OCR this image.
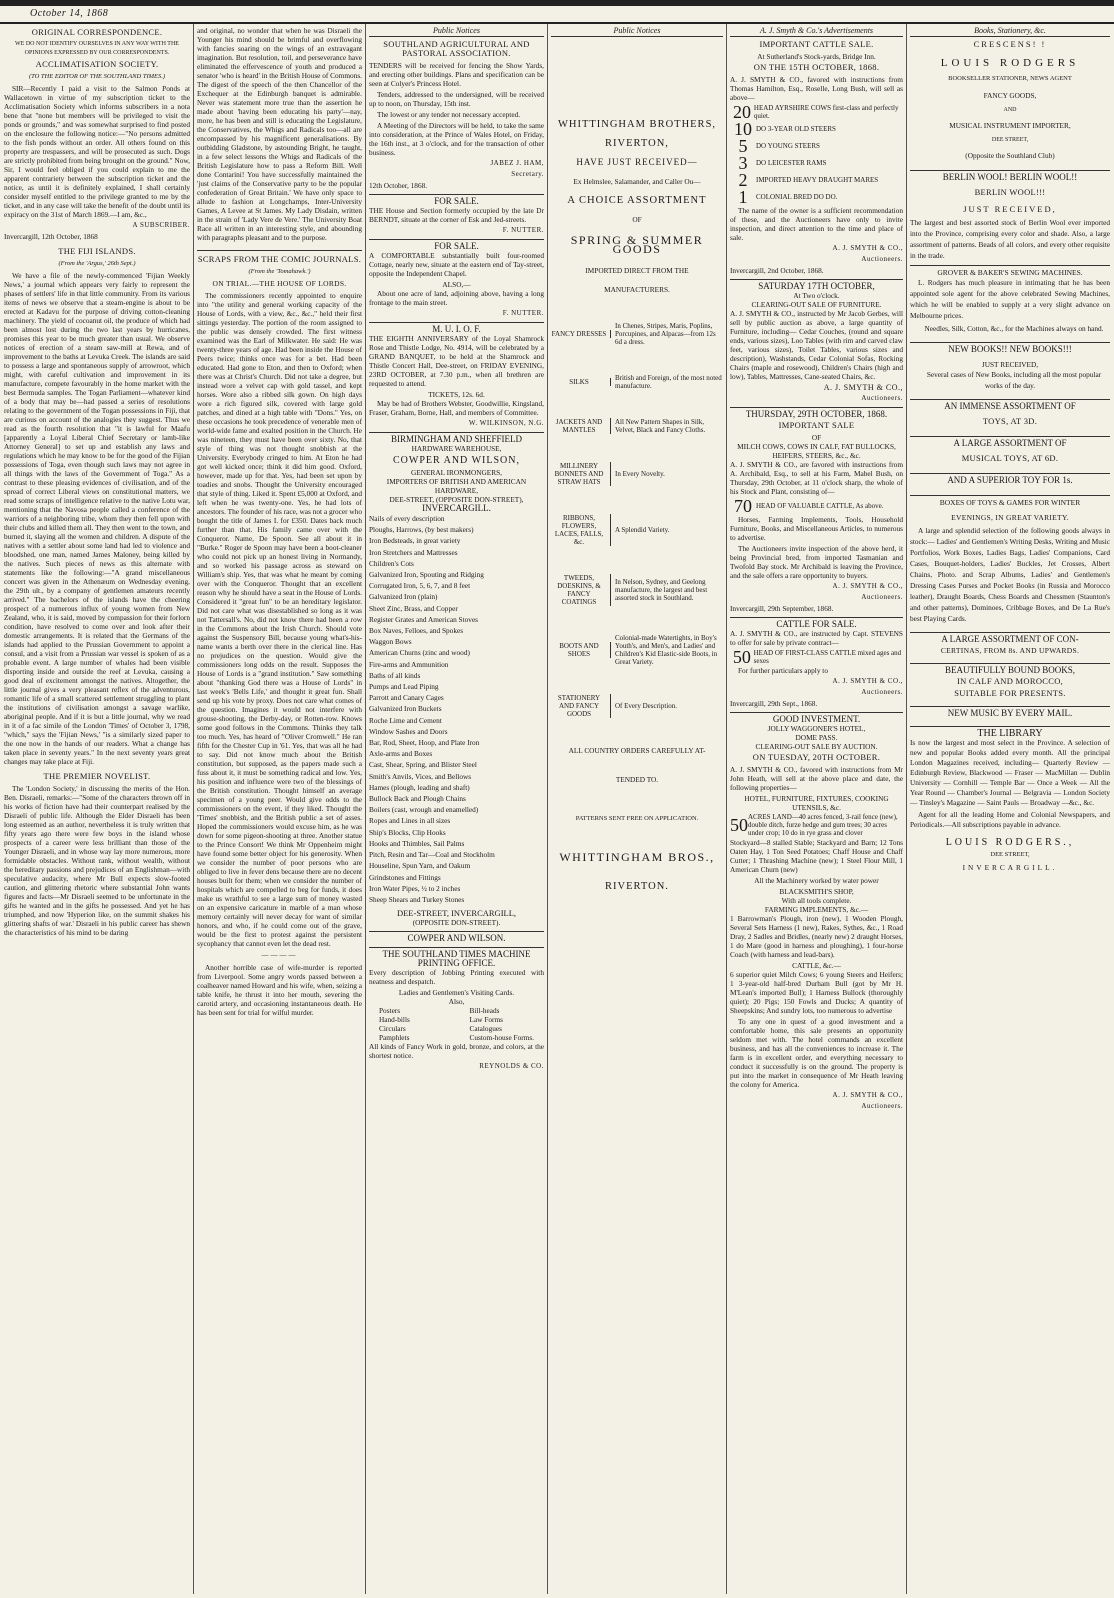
October 14, 1868
ORIGINAL CORRESPONDENCE.

WE DO NOT IDENTIFY OURSELVES IN ANY WAY WITH THE OPINIONS EXPRESSED BY OUR CORRESPONDENTS.

ACCLIMATISATION SOCIETY.
(TO THE EDITOR OF THE SOUTHLAND TIMES.)

SIR—Recently I paid a visit to the Salmon Ponds at Wallacetown in virtue of my subscription ticket to the Acclimatisation Society which informs subscribers in a nota bene that "none but members will be privileged to visit the ponds or grounds," and was somewhat surprised to find posted on the enclosure the following notice:—"No persons admitted to the fish ponds without an order. All others found on this property are trespassers, and will be prosecuted as such. Dogs are strictly prohibited from being brought on the ground." Now, Sir, I would feel obliged if you could explain to me the apparent contrariety between the subscription ticket and the notice, as until it is definitely explained, I shall certainly consider myself entitled to the privilege granted to me by the ticket, and in any case will take the benefit of the doubt until its expiracy on the 31st of March 1869.—I am, &c.,

A SUBSCRIBER.

Invercargill, 12th October, 1868

THE FIJI ISLANDS.
(From the 'Argus,' 26th Sept.)

We have a file of the newly-commenced 'Fijian Weekly News,' a journal which appears very fairly to represent the phases of settlers' life in that little community. From its various items of news we observe that a steam-engine is about to be erected at Kadavu for the purpose of driving cotton-cleaning machinery. The yield of cocoanut oil, the produce of which had been almost lost during the two last years by hurricanes, promises this year to be much greater than usual. We observe notices of erection of a steam saw-mill at Rewa, and of improvement to the baths at Levuka Creek. The islands are said to possess a large and spontaneous supply of arrowroot, which might, with careful cultivation and improvement in its manufacture, compete favourably in the home market with the best Bermuda samples. The Togan Parliament—whatever kind of a body that may be—had passed a series of resolutions relating to the government of the Togan possessions in Fiji, that are curious on account of the analogies they suggest. Thus we read as the fourth resolution that "it is lawful for Maafu [apparently a Loyal Liberal Chief Secretary or lamb-like Attorney General] to set up and establish any laws and regulations which he may know to be for the good of the Fijian possessions of Toga, even though such laws may not agree in all things with the laws of the Government of Toga." As a contrast to these pleasing evidences of civilisation, and of the spread of correct Liberal views on constitutional matters, we read some scraps of intelligence relative to the native Lotu war, mentioning that the Navosa people called a conference of the warriors of a neighboring tribe, whom they then fell upon with their clubs and killed them all. They then went to the town, and burned it, slaying all the women and children. A dispute of the natives with a settler about some land had led to violence and bloodshed, one man, named James Maloney, being killed by the natives. Such pieces of news as this alternate with statements like the following:—"A grand miscellaneous concert was given in the Athenæum on Wednesday evening, the 29th ult., by a company of gentlemen amateurs recently arrived." The bachelors of the islands have the cheering prospect of a numerous influx of young women from New Zealand, who, it is said, moved by compassion for their forlorn condition, have resolved to come over and look after their domestic arrangements. It is related that the Germans of the islands had applied to the Prussian Government to appoint a consul, and a visit from a Prussian war vessel is spoken of as a probable event. A large number of whales had been visible disporting inside and outside the reef at Levuka, causing a good deal of excitement amongst the natives. Altogether, the little journal gives a very pleasant reflex of the adventurous, romantic life of a small scattered settlement struggling to plant the institutions of civilisation amongst a savage warlike, aboriginal people. And if it is but a little journal, why we read in it of a fac simile of the London 'Times' of October 3, 1798, "which," says the 'Fijian News,' "is a similarly sized paper to the one now in the hands of our readers. What a change has taken place in seventy years." In the next seventy years great changes may take place at Fiji.

THE PREMIER NOVELIST.

The 'London Society,' in discussing the merits of the Hon. Ben. Disraeli, remarks:—"Some of the characters thrown off in his works of fiction have had their counterpart realised by the Disraeli of public life. Although the Elder Disraeli has been long esteemed as an author, nevertheless it is truly written that fifty years ago there were few boys in the island whose prospects of a career were less brilliant than those of the Younger Disraeli, and in whose way lay more numerous, more formidable obstacles. Without rank, without wealth, without the hereditary passions and prejudices of an Englishman—with speculative audacity, where Mr Bull expects slow-footed caution, and glittering rhetoric where substantial John wants figures and facts—Mr Disraeli seemed to be unfortunate in the gifts he wanted and in the gifts he possessed. And yet he has triumphed, and now 'Hyperion like, on the summit shakes his glittering shafts of war.' Disraeli in his public career has shewn the characteristics of his mind to be daring

and original, no wonder that when he was Disraeli the Younger his mind should be brimful and overflowing with fancies soaring on the wings of an extravagant imagination. But resolution, toil, and perseverance have eliminated the effervescence of youth and produced a senator 'who is heard' in the British House of Commons. The digest of the speech of the then Chancellor of the Exchequer at the Edinburgh banquet is admirable. Never was statement more true than the assertion he made about 'having been educating his party'—nay, more, he has been and still is educating the Legislature, the Conservatives, the Whigs and Radicals too—all are encompassed by his magnificent generalisations. By outbidding Gladstone, by astounding Bright, he taught, in a few select lessons the Whigs and Radicals of the British Legislature how to pass a Reform Bill. Well done Contarini! You have successfully maintained the 'just claims of the Conservative party to be the popular confederation of Great Britain.' We have only space to allude to fashion at Longchamps, Inter-University Games, A Levee at St James. My Lady Disdain, written in the strain of 'Lady Vere de Vere.' The University Boat Race all written in an interesting style, and abounding with paragraphs pleasant and to the purpose.

SCRAPS FROM THE COMIC JOURNALS.
(From the 'Tomahawk.')
ON TRIAL.—THE HOUSE OF LORDS.

The commissioners recently appointed to enquire into "the utility and general working capacity of the House of Lords, with a view, &c., &c.," held their first sittings yesterday. The portion of the room assigned to the public was densely crowded. The first witness examined was the Earl of Milkwater. He said: He was twenty-three years of age. Had been inside the House of Peers twice; thinks once was for a bet. Had been educated. Had gone to Eton, and then to Oxford; when there was at Christ's Church. Did not take a degree, but instead wore a velvet cap with gold tassel, and kept horses. Wore also a ribbed silk gown. On high days wore a rich figured silk, covered with large gold patches, and dined at a high table with "Dons." Yes, on these occasions he took precedence of venerable men of world-wide fame and exalted position in the Church. He was nineteen, they must have been over sixty. No, that style of thing was not thought snobbish at the University. Everybody cringed to him. At Eton he had got well kicked once; think it did him good. Oxford, however, made up for that. Yes, had been set upon by toadies and snobs. Thought the University encouraged that style of thing. Liked it. Spent £5,000 at Oxford, and left when he was twenty-one. Yes, he had lots of ancestors. The founder of his race, was not a grocer who bought the title of James I. for £350. Dates back much further than that. His family came over with the Conqueror. Name, De Spoon. See all about it in "Burke." Roger de Spoon may have been a boot-cleaner who could not pick up an honest living in Normandy, and so worked his passage across as steward on William's ship. Yes, that was what he meant by coming over with the Conqueror. Thought that an excellent reason why he should have a seat in the House of Lords. Considered it "great fun" to be an hereditary legislator. Did not care what was disestablished so long as it was not Tattersall's. No, did not know there had been a row in the Commons about the Irish Church. Should vote against the Suspensory Bill, because young what's-his-name wants a berth over there in the clerical line. Has no prejudices on the question. Would give the commissioners long odds on the result. Supposes the House of Lords is a "grand institution." Saw something about "thanking God there was a House of Lords" in last week's 'Bells Life,' and thought it great fun. Shall send up his vote by proxy. Does not care what comes of the question. Imagines it would not interfere with grouse-shooting, the Derby-day, or Rotten-row. Knows some good follows in the Commons. Thinks they talk too much. Yes, has heard of "Oliver Cromwell." He ran fifth for the Chester Cup in '61. Yes, that was all he had to say. Did not know much about the British constitution, but supposed, as the papers made such a fuss about it, it must be something radical and low. Yes, his position and influence were two of the blessings of the British constitution. Thought himself an average specimen of a young peer. Would give odds to the commissioners on the event, if they liked. Thought the 'Times' snobbish, and the British public a set of asses. Hoped the commissioners would excuse him, as he was down for some pigeon-shooting at three. Another statue to the Prince Consort! We think Mr Oppenheim might have found some better object for his generosity. When we consider the number of poor persons who are obliged to live in fever dens because there are no decent houses built for them; when we consider the number of hospitals which are compelled to beg for funds, it does make us wrathful to see a large sum of money wasted on an expensive caricature in marble of a man whose memory certainly will never decay for want of similar honors, and who, if he could come out of the grave, would be the first to protest against the persistent sycophancy that cannot even let the dead rest.

————

Another horrible case of wife-murder is reported from Liverpool. Some angry words passed between a coalheaver named Howard and his wife, when, seizing a table knife, he thrust it into her mouth, severing the carotid artery, and occasioning instantaneous death. He has been sent for trial for wilful murder.

Public Notices
SOUTHLAND AGRICULTURAL AND PASTORAL ASSOCIATION.

TENDERS will be received for fencing the Show Yards, and erecting other buildings. Plans and specification can be seen at Colyer's Princess Hotel.

Tenders, addressed to the undersigned, will be received up to noon, on Thursday, 15th inst.

The lowest or any tender not necessary accepted.

A Meeting of the Directors will be held, to take the same into consideration, at the Prince of Wales Hotel, on Friday, the 16th inst., at 3 o'clock, and for the transaction of other business.

JABEZ J. HAM,
Secretary.

12th October, 1868.

FOR SALE.

THE House and Section formerly occupied by the late Dr BERNDT, situate at the corner of Esk and Jed-streets.

F. NUTTER.
FOR SALE.

A COMFORTABLE substantially built four-roomed Cottage, nearly new, situate at the eastern end of Tay-street, opposite the Independent Chapel.

ALSO,—

About one acre of land, adjoining above, having a long frontage to the main street.

F. NUTTER.
M. U. I. O. F.

THE EIGHTH ANNIVERSARY of the Loyal Shamrock Rose and Thistle Lodge, No. 4914, will be celebrated by a GRAND BANQUET, to be held at the Shamrock and Thistle Concert Hall, Dee-street, on FRIDAY EVENING, 23RD OCTOBER, at 7.30 p.m., when all brethren are requested to attend.

TICKETS, 12s. 6d.

May be had of Brothers Webster, Goodwillie, Kingsland, Fraser, Graham, Borne, Hall, and members of Committee.

W. WILKINSON, N.G.
BIRMINGHAM AND SHEFFIELD
HARDWARE WAREHOUSE,
COWPER AND WILSON,
GENERAL IRONMONGERS,
IMPORTERS OF BRITISH AND AMERICAN
HARDWARE,
DEE-STREET, (OPPOSITE DON-STREET),
INVERCARGILL.
Nails of every description
Ploughs, Harrows, (by best makers)
Iron Bedsteads, in great variety
Iron Stretchers and Mattresses
Children's Cots
Galvanized Iron, Spouting and Ridging
Corrugated Iron, 5, 6, 7, and 8 feet
Galvanized Iron (plain)
Sheet Zinc, Brass, and Copper
Register Grates and American Stoves
Box Naves, Felloes, and Spokes
Waggon Bows
American Churns (zinc and wood)
Fire-arms and Ammunition
Baths of all kinds
Pumps and Lead Piping
Parrott and Canary Cages
Galvanized Iron Buckets
Roche Lime and Cement
Window Sashes and Doors
Bar, Rod, Sheet, Hoop, and Plate Iron
Axle-arms and Boxes
Cast, Shear, Spring, and Blister Steel
Smith's Anvils, Vices, and Bellows
Hames (plough, leading and shaft)
Bullock Back and Plough Chains
Boilers (cast, wrough and enamelled)
Ropes and Lines in all sizes
Ship's Blocks, Clip Hooks
Hooks and Thimbles, Sail Palms
Pitch, Resin and Tar—Coal and Stockholm
Houseline, Spun Yarn, and Oakum
Grindstones and Fittings
Iron Water Pipes, ½ to 2 inches
Sheep Shears and Turkey Stones
DEE-STREET, INVERCARGILL,
(OPPOSITE DON-STREET).
COWPER AND WILSON.
THE SOUTHLAND TIMES MACHINE PRINTING OFFICE.

Every description of Jobbing Printing executed with neatness and despatch.

Ladies and Gentlemen's Visiting Cards.
Also,
Posters
Hand-bills
Circulars
Pamphlets
Bill-heads
Law Forms
Catalogues
Custom-house Forms.

All kinds of Fancy Work in gold, bronze, and colors, at the shortest notice.

REYNOLDS & CO.
Public Notices
WHITTINGHAM BROTHERS,
RIVERTON,
HAVE JUST RECEIVED—
Ex Helmslee, Salamander, and Caller Ou—
A CHOICE ASSORTMENT
OF
SPRING & SUMMER GOODS
IMPORTED DIRECT FROM THE
MANUFACTURERS.
FANCY DRESSES
In Chenes, Stripes, Maris, Poplins, Porcupines, and Alpacas—from 12s 6d a dress.
SILKS	British and Foreign, of the most noted manufacture.
JACKETS AND MANTLES
All New Pattern Shapes in Silk, Velvet, Black and Fancy Cloths.
MILLINERY BONNETS AND STRAW HATS
In Every Novelty.
RIBBONS, FLOWERS, LACES, FALLS, &c.
A Splendid Variety.
TWEEDS, DOESKINS, & FANCY COATINGS
In Nelson, Sydney, and Geelong manufacture, the largest and best assorted stock in Southland.
BOOTS AND SHOES
Colonial-made Watertights, in Boy's Youth's, and Men's, and Ladies' and Children's Kid Elastic-side Boots, in Great Variety.
STATIONERY AND FANCY GOODS
Of Every Description.
ALL COUNTRY ORDERS CAREFULLY AT-
TENDED TO.
PATTERNS SENT FREE ON APPLICATION.
WHITTINGHAM BROS.,
RIVERTON.
A. J. Smyth & Co.'s Advertisements
IMPORTANT CATTLE SALE.
At Sutherland's Stock-yards, Bridge Inn.
ON THE 15TH OCTOBER, 1868.

A. J. SMYTH & CO., favored with instructions from Thomas Hamilton, Esq., Roselle, Long Bush, will sell as above—

20 HEAD AYRSHIRE COWS first-class and perfectly quiet.
10 DO 3-YEAR OLD STEERS
5	DO YOUNG STEERS
3	DO LEICESTER RAMS
2	IMPORTED HEAVY DRAUGHT MARES
1	COLONIAL BRED DO DO.

The name of the owner is a sufficient recommendation of these, and the Auctioneers have only to invite inspection, and direct attention to the time and place of sale.

A. J. SMYTH & CO.,
Auctioneers.

Invercargill, 2nd October, 1868.

SATURDAY 17TH OCTOBER,
At Two o'clock.
CLEARING-OUT SALE OF FURNITURE.

A. J. SMYTH & CO., instructed by Mr Jacob Gerbes, will sell by public auction as above, a large quantity of Furniture, including— Cedar Couches, (round and square ends, various sizes), Loo Tables (with rim and carved claw feet, various sizes), Toilet Tables, various sizes and description), Washstands, Cedar Colonial Sofas, Rocking Chairs (maple and rosewood), Children's Chairs (high and low), Tables, Mattresses, Cane-seated Chairs, &c.

A. J. SMYTH & CO.,
Auctioneers.
THURSDAY, 29TH OCTOBER, 1868.
IMPORTANT SALE
OF
MILCH COWS, COWS IN CALF, FAT BULLOCKS, HEIFERS, STEERS, &c., &c.

A. J. SMYTH & CO., are favored with instructions from A. Archibald, Esq., to sell at his Farm, Mabel Bush, on Thursday, 29th October, at 11 o'clock sharp, the whole of his Stock and Plant, consisting of—

70 HEAD OF VALUABLE CATTLE, As above.

Horses, Farming Implements, Tools, Household Furniture, Books, and Miscellaneous Articles, to numerous to advertise.

The Auctioneers invite inspection of the above herd, it being Provincial bred, from imported Tasmanian and Twofold Bay stock. Mr Archibald is leaving the Province, and the sale offers a rare opportunity to buyers.

A. J. SMYTH & CO.,
Auctioneers.

Invercargill, 29th September, 1868.

CATTLE FOR SALE.

A. J. SMYTH & CO., are instructed by Capt. STEVENS to offer for sale by private contract—

50 HEAD OF FIRST-CLASS CATTLE mixed ages and sexes

For further particulars apply to

A. J. SMYTH & CO.,
Auctioneers.

Invercargill, 29th Sept., 1868.

GOOD INVESTMENT.
JOLLY WAGGONER'S HOTEL,
DOME PASS.
CLEARING-OUT SALE BY AUCTION.
ON TUESDAY, 20TH OCTOBER.

A. J. SMYTH & CO., favored with instructions from Mr John Heath, will sell at the above place and date, the following properties—

HOTEL, FURNITURE, FIXTURES, COOKING UTENSILS, &c.
50 ACRES LAND—40 acres fenced, 3-rail fence (new), double ditch, furze hedge and gum trees; 30 acres under crop; 10 do in rye grass and clover

Stockyard—8 stalled Stable; Stackyard and Barn; 12 Tons Oaten Hay, 1 Ton Seed Potatoes; Chaff House and Chaff Cutter; 1 Thrashing Machine (new); 1 Steel Flour Mill, 1 American Churn (new)

All the Machinery worked by water power

BLACKSMITH'S SHOP,
With all tools complete.
FARMING IMPLEMENTS, &c.—

1 Barrowman's Plough, iron (new), 1 Wooden Plough, Several Sets Harness (1 new), Rakes, Sythes, &c., 1 Road Dray, 2 Sadles and Bridles, (nearly new) 2 draught Horses, 1 do Mare (good in harness and ploughing), 1 four-horse Coach (with harness and lead-bars).

CATTLE, &c.—

6 superior quiet Milch Cows; 6 young Steers and Heifers; 1 3-year-old half-bred Durham Bull (got by Mr H. M'Lean's imported Bull); 1 Harness Bullock (thoroughly quiet); 20 Pigs; 150 Fowls and Ducks; A quantity of Sheepskins; And sundry lots, too numerous to advertise

To any one in quest of a good investment and a comfortable home, this sale presents an opportunity seldom met with. The hotel commands an excellent business, and has all the conveniences to increase it. The farm is in excellent order, and everything necessary to conduct it successfully is on the ground. The property is put into the market in consequence of Mr Heath leaving the colony for America.

A. J. SMYTH & CO.,
Auctioneers.
Books, Stationery, &c.
CRESCENS! !
LOUIS RODGERS
BOOKSELLER STATIONER, NEWS AGENT
FANCY GOODS,
AND
MUSICAL INSTRUMENT IMPORTER,
DEE STREET,
(Opposite the Southland Club)
BERLIN WOOL! BERLIN WOOL!!
BERLIN WOOL!!!
JUST RECEIVED,

The largest and best assorted stock of Berlin Wool ever imported into the Province, comprising every color and shade. Also, a large assortment of patterns. Beads of all colors, and every other requisite in the trade.

GROVER & BAKER'S SEWING MACHINES.

L. Rodgers has much pleasure in intimating that he has been appointed sole agent for the above celebrated Sewing Machines, which he will be enabled to supply at a very slight advance on Melbourne prices.

Needles, Silk, Cotton, &c., for the Machines always on hand.

NEW BOOKS!! NEW BOOKS!!!
JUST RECEIVED,

Several cases of New Books, including all the most popular works of the day.

AN IMMENSE ASSORTMENT OF
TOYS, AT 3D.
A LARGE ASSORTMENT OF
MUSICAL TOYS, AT 6D.
AND A SUPERIOR TOY FOR 1s.
BOXES OF TOYS & GAMES FOR WINTER
EVENINGS, IN GREAT VARIETY.

A large and splendid selection of the following goods always in stock:— Ladies' and Gentlemen's Writing Desks, Writing and Music Portfolios, Work Boxes, Ladies Bags, Ladies' Companions, Card Cases, Bouquet-holders, Ladies' Buckles, Jet Crosses, Albert Chains, Photo. and Scrap Albums, Ladies' and Gentlemen's Dressing Cases Purses and Pocket Books (in Russia and Morocco leather), Draught Boards, Chess Boards and Chessmen (Staunton's and other patterns), Dominoes, Cribbage Boxes, and De La Rue's best Playing Cards.

A LARGE ASSORTMENT OF CON-
CERTINAS, FROM 8s. AND UPWARDS.
BEAUTIFULLY BOUND BOOKS,
IN CALF AND MOROCCO,
SUITABLE FOR PRESENTS.
NEW MUSIC BY EVERY MAIL.
THE LIBRARY

Is now the largest and most select in the Province. A selection of new and popular Books added every month. All the principal London Magazines received, including— Quarterly Review — Edinburgh Review, Blackwood — Fraser — MacMillan — Dublin University — Cornhill — Temple Bar — Once a Week — All the Year Round — Chamber's Journal — Belgravia — London Society — Tinsley's Magazine — Saint Pauls — Broadway —&c., &c.

Agent for all the leading Home and Colonial Newspapers, and Periodicals.—All subscriptions payable in advance.

LOUIS RODGERS.,
DEE STREET,
INVERCARGILL.
